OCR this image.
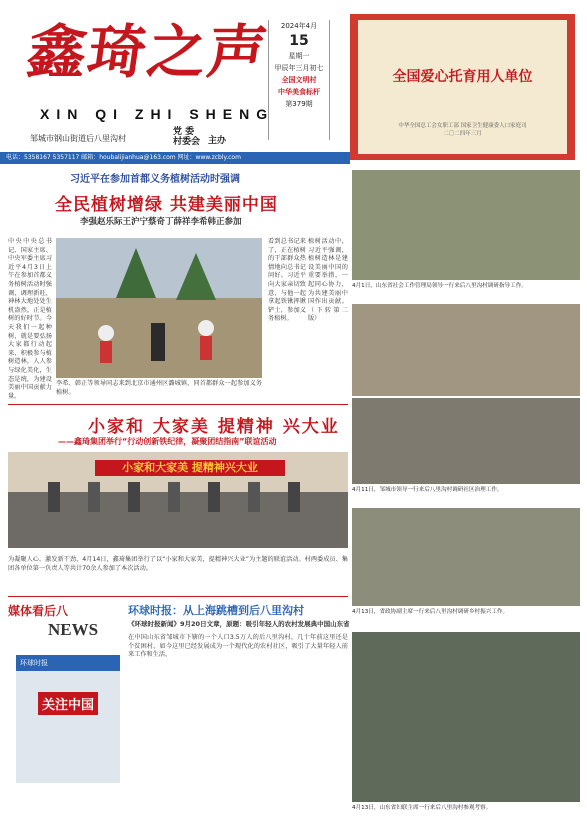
鑫琦之声
XIN QI ZHI SHENG
邹城市钢山街道后八里沟村
党 委
村委会 主办
2024年4月
15
星期一
甲辰年三月初七
全国文明村
中华美食标杆
第379期
全国爱心托育用人单位
中华全国总工会女职工部 国家卫生健康委人口家庭司
二〇二四年三月
电话：5358167 5357117 邮箱：houbalijianhua@163.com 网址：www.zcbly.com
习近平在参加首都义务植树活动时强调
全民植树增绿 共建美丽中国
李强赵乐际王沪宁蔡奇丁薛祥李希韩正参加
中央中央总书记、国家主席、中央军委主席习近平4月3日上午在参加首都义务植树活动时强调，调理新旺，神林大地处处生机盎然。正是植树的好时节。今天我们一起种树，就是要弘扬大家都行动起来，积极参与植树造林，人人参与绿化美化，生态是统，为建设美丽中国贡献力量。
李希、韩正等领导同志来到北京市通州区潞城镇，同首都群众一起参加义务植树。
看到总书记来了，正在植树的干部群众热情地向总书记问好。习近平向大家亲切致意，与他一起拿起铁锹挥锹铲土，参加义务植树。
植树活动中，习近平强调，植树造林是建设美丽中国的重要举措，一起同心协力，为共建美丽中国作出贡献。（下转第二版）
小家和 大家美 提精神 兴大业
——鑫琦集团举行“行动创新铁纪律，凝聚团结指南”联谊活动
小家和大家美 提精神兴大业
为凝聚人心，激发新干劲，4月14日，鑫琦集团举行了以“小家和大家美，提精神兴大业”为主题的联谊活动。村两委成员、集团各单位第一负责人等共计70余人参加了本次活动。
媒体看后八
NEWS
环球时报：从上海跳槽到后八里沟村
《环球时报新闻》9月20日文章，原题：吸引年轻人的农村发展典中国山东省
环球时报
关注中国
在中国山东省邹城市下辖的一个人口3.5万人的后八里沟村，几十年前这里还是个贫困村，如今这里已经发展成为一个现代化的农村社区，吸引了大量年轻人前来工作和生活。
4月1日，山东省社会工作管理局领导一行来后八里沟村调研指导工作。
4月11日，邹城市领导一行来后八里沟村调研社区治理工作。
4月13日，省政协副主席一行来后八里沟村调研乡村振兴工作。
4月13日，山东省妇联主席一行来后八里沟村参观考察。
